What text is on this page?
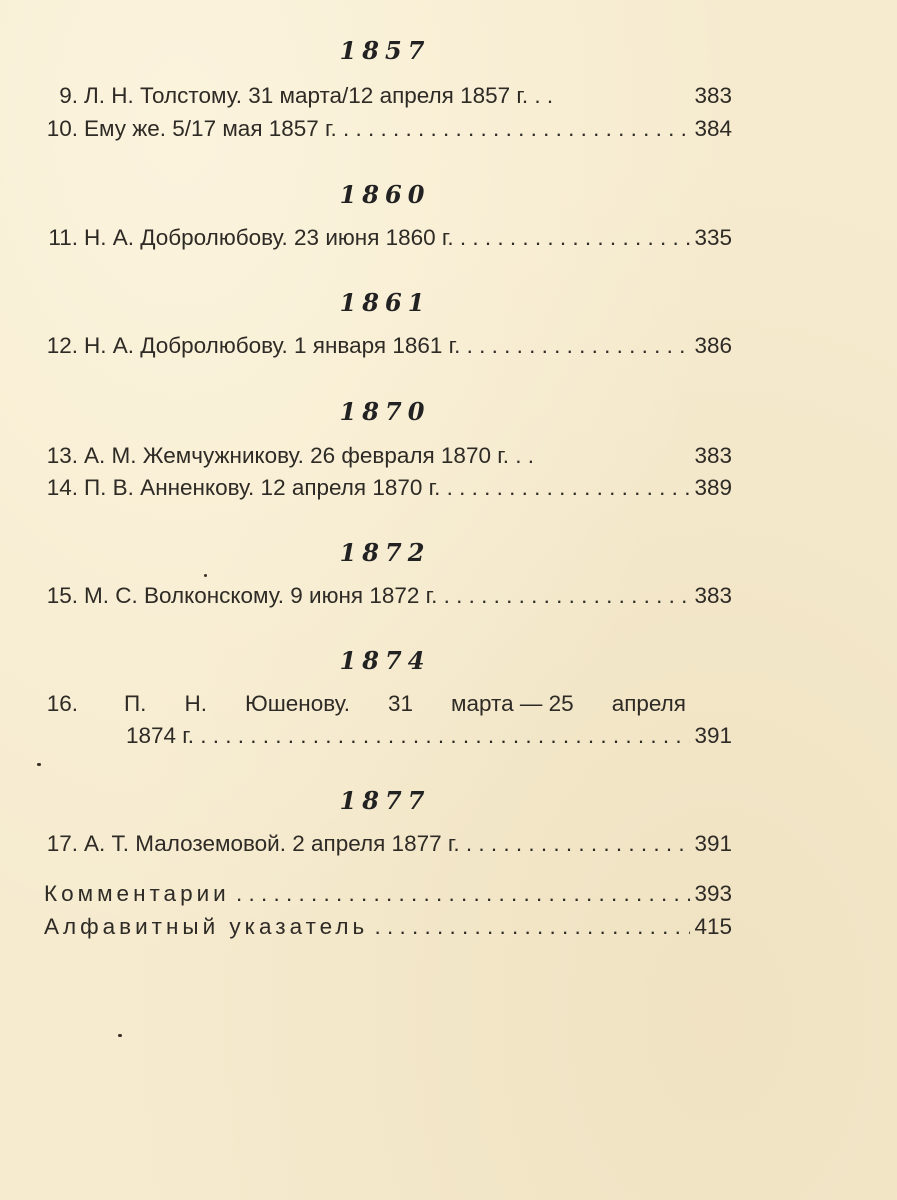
1857
9. Л. Н. Толстому. 31 марта/12 апреля 1857 г. . .	383
10. Ему же. 5/17 мая 1857 г. . . .	384
1860
11. Н. А. Добролюбову. 23 июня 1860 г. . . .	335
1861
12. Н. А. Добролюбову. 1 января 1861 г. . . .	386
1870
13. А. М. Жемчужникову. 26 февраля 1870 г. . .	383
14. П. В. Анненкову. 12 апреля 1870 г. . . .	389
1872
15. М. С. Волконскому. 9 июня 1872 г. . . .	383
1874
16. П. Н. Юшенову. 31 марта — 25 апреля
1874 г. . . .	391
1877
17. А. Т. Малоземовой. 2 апреля 1877 г. . . .	391
Комментарии . . .	393
Алфавитный указатель . . .	415
